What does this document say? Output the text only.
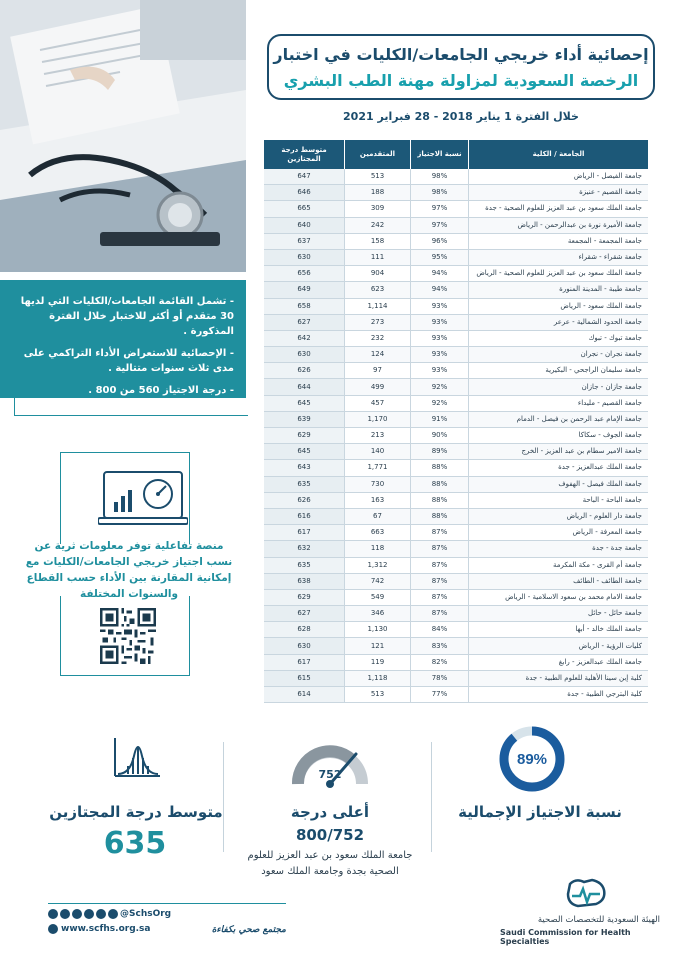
- تشمل القائمة الجامعات/الكليات التي لديها 30 متقدم أو أكثر للاختبار خلال الفترة المذكورة .

- الإحصائية للاستعراض الأداء التراكمي على مدى ثلاث سنوات متتالية .

- درجة الاجتياز 560 من 800 .

منصة تفاعلية توفر معلومات ثرية عن نسب اجتياز خريجي الجامعات/الكليات مع إمكانية المقارنة بين الأداء حسب القطاع والسنوات المختلفة
إحصائية أداء خريجي الجامعات/الكليات في اختبار
الرخصة السعودية لمزاولة مهنة الطب البشري
خلال الفترة 1 يناير 2018 - 28 فبراير 2021
الجامعة / الكلية	نسبة الاجتياز	المتقدمين	متوسط درجة المجتازين
جامعة الفيصل - الرياض	98%	513	647
جامعة القصيم - عنيزة	98%	188	646
جامعة الملك سعود بن عبد العزيز للعلوم الصحية - جدة	97%	309	665
جامعة الأميرة نورة بن عبدالرحمن - الرياض	97%	242	640
جامعة المجمعة - المجمعة	96%	158	637
جامعة شقراء - شقراء	95%	111	630
جامعة الملك سعود بن عبد العزيز للعلوم الصحية - الرياض	94%	904	656
جامعة طيبة - المدينة المنورة	94%	623	649
جامعة الملك سعود - الرياض	93%	1,114	658
جامعة الحدود الشمالية - عرعر	93%	273	627
جامعة تبوك - تبوك	93%	232	642
جامعة نجران - نجران	93%	124	630
جامعة سليمان الراجحي - البكيرية	93%	97	626
جامعة جازان - جازان	92%	499	644
جامعة القصيم - مليداء	92%	457	645
جامعة الإمام عبد الرحمن بن فيصل - الدمام	91%	1,170	639
جامعة الجوف - سكاكا	90%	213	629
جامعة الامير سطام بن عبد العزيز - الخرج	89%	140	645
جامعة الملك عبدالعزيز - جدة	88%	1,771	643
جامعة الملك فيصل - الهفوف	88%	730	635
جامعة الباحة - الباحة	88%	163	626
جامعة دار العلوم - الرياض	88%	67	616
جامعة المعرفة - الرياض	87%	663	617
جامعة جدة - جدة	87%	118	632
جامعة أم القرى - مكة المكرمة	87%	1,312	635
جامعة الطائف - الطائف	87%	742	638
جامعة الامام محمد بن سعود الاسلامية - الرياض	87%	549	629
جامعة حائل - حائل	87%	346	627
جامعة الملك خالد - أبها	84%	1,130	628
كليات الرؤية - الرياض	83%	121	630
جامعة الملك عبدالعزيز - رابغ	82%	119	617
كلية إبن سينا الأهلية للعلوم الطبية - جدة	78%	1,118	615
كلية البترجي الطبية - جدة	77%	513	614
89%
نسبة الاجتياز الإجمالية
752
أعلى درجة
800/752
جامعة الملك سعود بن عبد العزيز للعلوم الصحية بجدة وجامعة الملك سعود
متوسط درجة المجتازين
635
@SchsOrg
www.scfhs.org.sa	مجتمع صحي بكفاءة
الهيئة السعودية للتخصصات الصحية
Saudi Commission for Health Specialties
